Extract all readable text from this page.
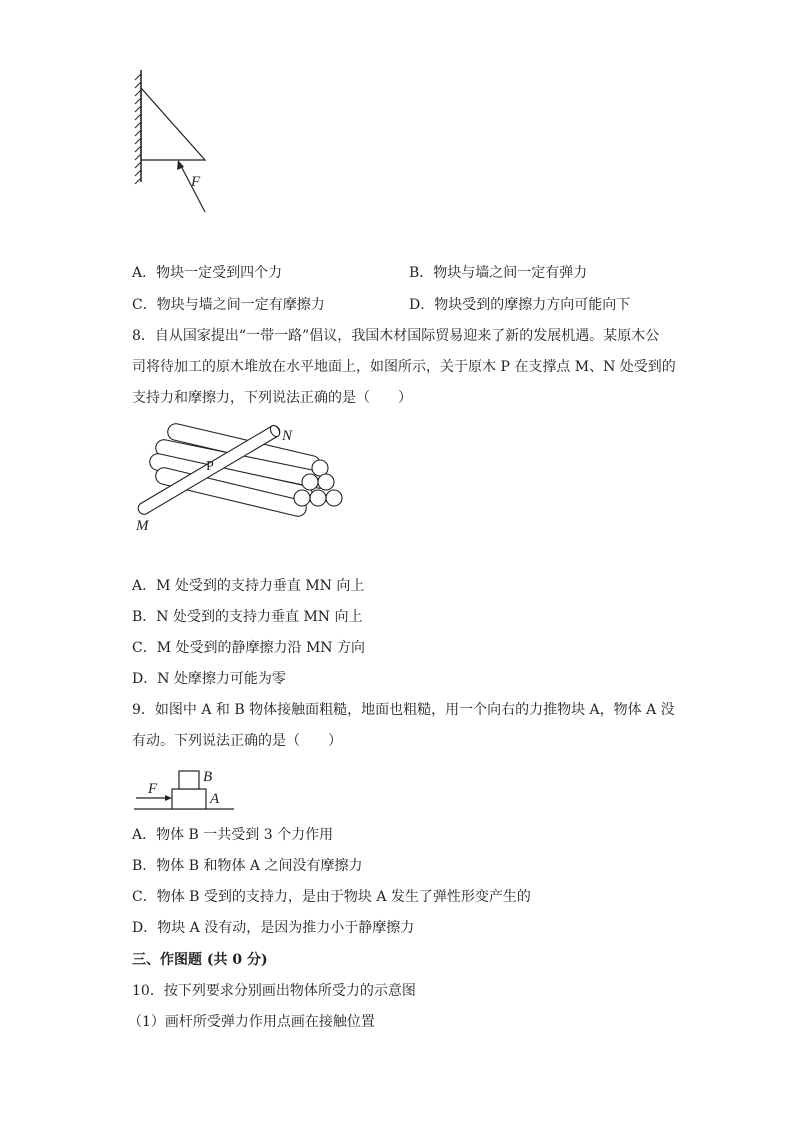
F
A．物块一定受到四个力	B．物块与墙之间一定有弹力
C．物块与墙之间一定有摩擦力	D．物块受到的摩擦力方向可能向下
8．自从国家提出“一带一路”倡议，我国木材国际贸易迎来了新的发展机遇。某原木公
司将待加工的原木堆放在水平地面上，如图所示，关于原木 P 在支撑点 M、N 处受到的
支持力和摩擦力，下列说法正确的是（　　）
N
P
M
A．M 处受到的支持力垂直 MN 向上
B．N 处受到的支持力垂直 MN 向上
C．M 处受到的静摩擦力沿 MN 方向
D．N 处摩擦力可能为零
9．如图中 A 和 B 物体接触面粗糙，地面也粗糙，用一个向右的力推物块 A，物体 A 没
有动。下列说法正确的是（　　）
F
B
A
A．物体 B 一共受到 3 个力作用
B．物体 B 和物体 A 之间没有摩擦力
C．物体 B 受到的支持力，是由于物块 A 发生了弹性形变产生的
D．物块 A 没有动，是因为推力小于静摩擦力
三、作图题 (共 0 分)
10．按下列要求分别画出物体所受力的示意图
（1）画杆所受弹力作用点画在接触位置
